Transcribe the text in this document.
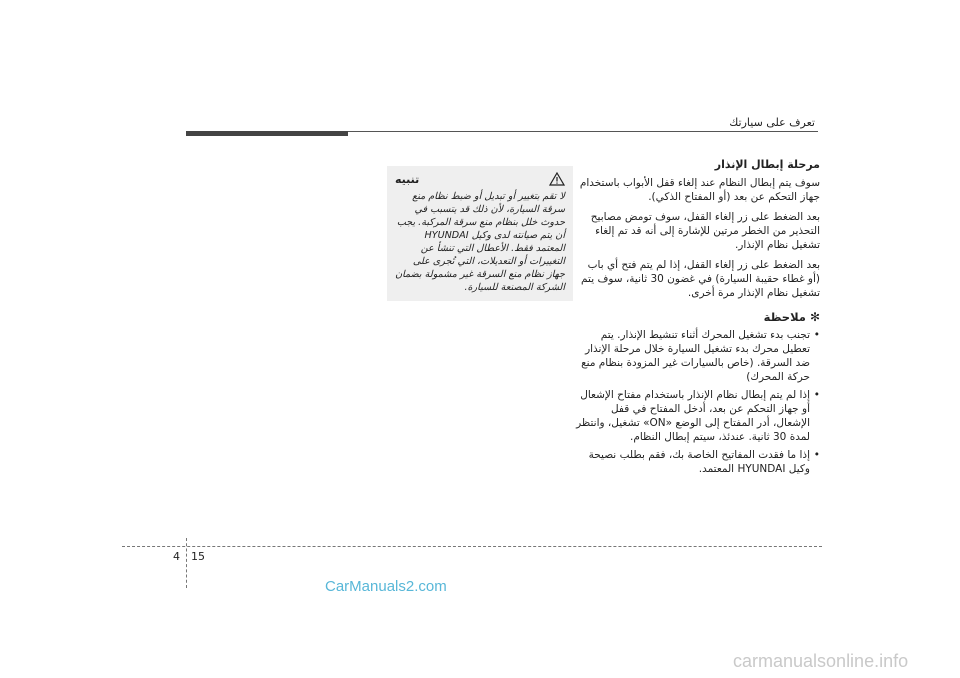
تعرف على سيارتك
مرحلة إبطال الإنذار
سوف يتم إبطال النظام عند إلغاء قفل الأبواب باستخدام جهاز التحكم عن بعد (أو المفتاح الذكي).
بعد الضغط على زر إلغاء القفل، سوف تومض مصابيح التحذير من الخطر مرتين للإشارة إلى أنه قد تم إلغاء تشغيل نظام الإنذار.
بعد الضغط على زر إلغاء القفل، إذا لم يتم فتح أي باب (أو غطاء حقيبة السيارة) في غضون 30 ثانية، سوف يتم تشغيل نظام الإنذار مرة أخرى.
✻ملاحظة
• تجنب بدء تشغيل المحرك أثناء تنشيط الإنذار. يتم تعطيل محرك بدء تشغيل السيارة خلال مرحلة الإنذار ضد السرقة. (خاص بالسيارات غير المزودة بنظام منع حركة المحرك)
• إذا لم يتم إبطال نظام الإنذار باستخدام مفتاح الإشعال أو جهاز التحكم عن بعد، أدخل المفتاح في قفل الإشعال، أدر المفتاح إلى الوضع «ON» تشغيل، وانتظر لمدة 30 ثانية. عندئذ، سيتم إبطال النظام.
• إذا ما فقدت المفاتيح الخاصة بك، فقم بطلب نصيحة وكيل HYUNDAI المعتمد.
تنبيه

لا تقم بتغيير أو تبديل أو ضبط نظام منع سرقة السيارة، لأن ذلك قد يتسبب في حدوث خلل بنظام منع سرقة المركبة. يجب أن يتم صيانته لدى وكيل HYUNDAI المعتمد فقط. الأعطال التي تنشأ عن التغييرات أو التعديلات، التي تُجرى على جهاز نظام منع السرقة غير مشمولة بضمان الشركة المصنعة للسيارة.

4 15
CarManuals2.com
carmanualsonline.info
